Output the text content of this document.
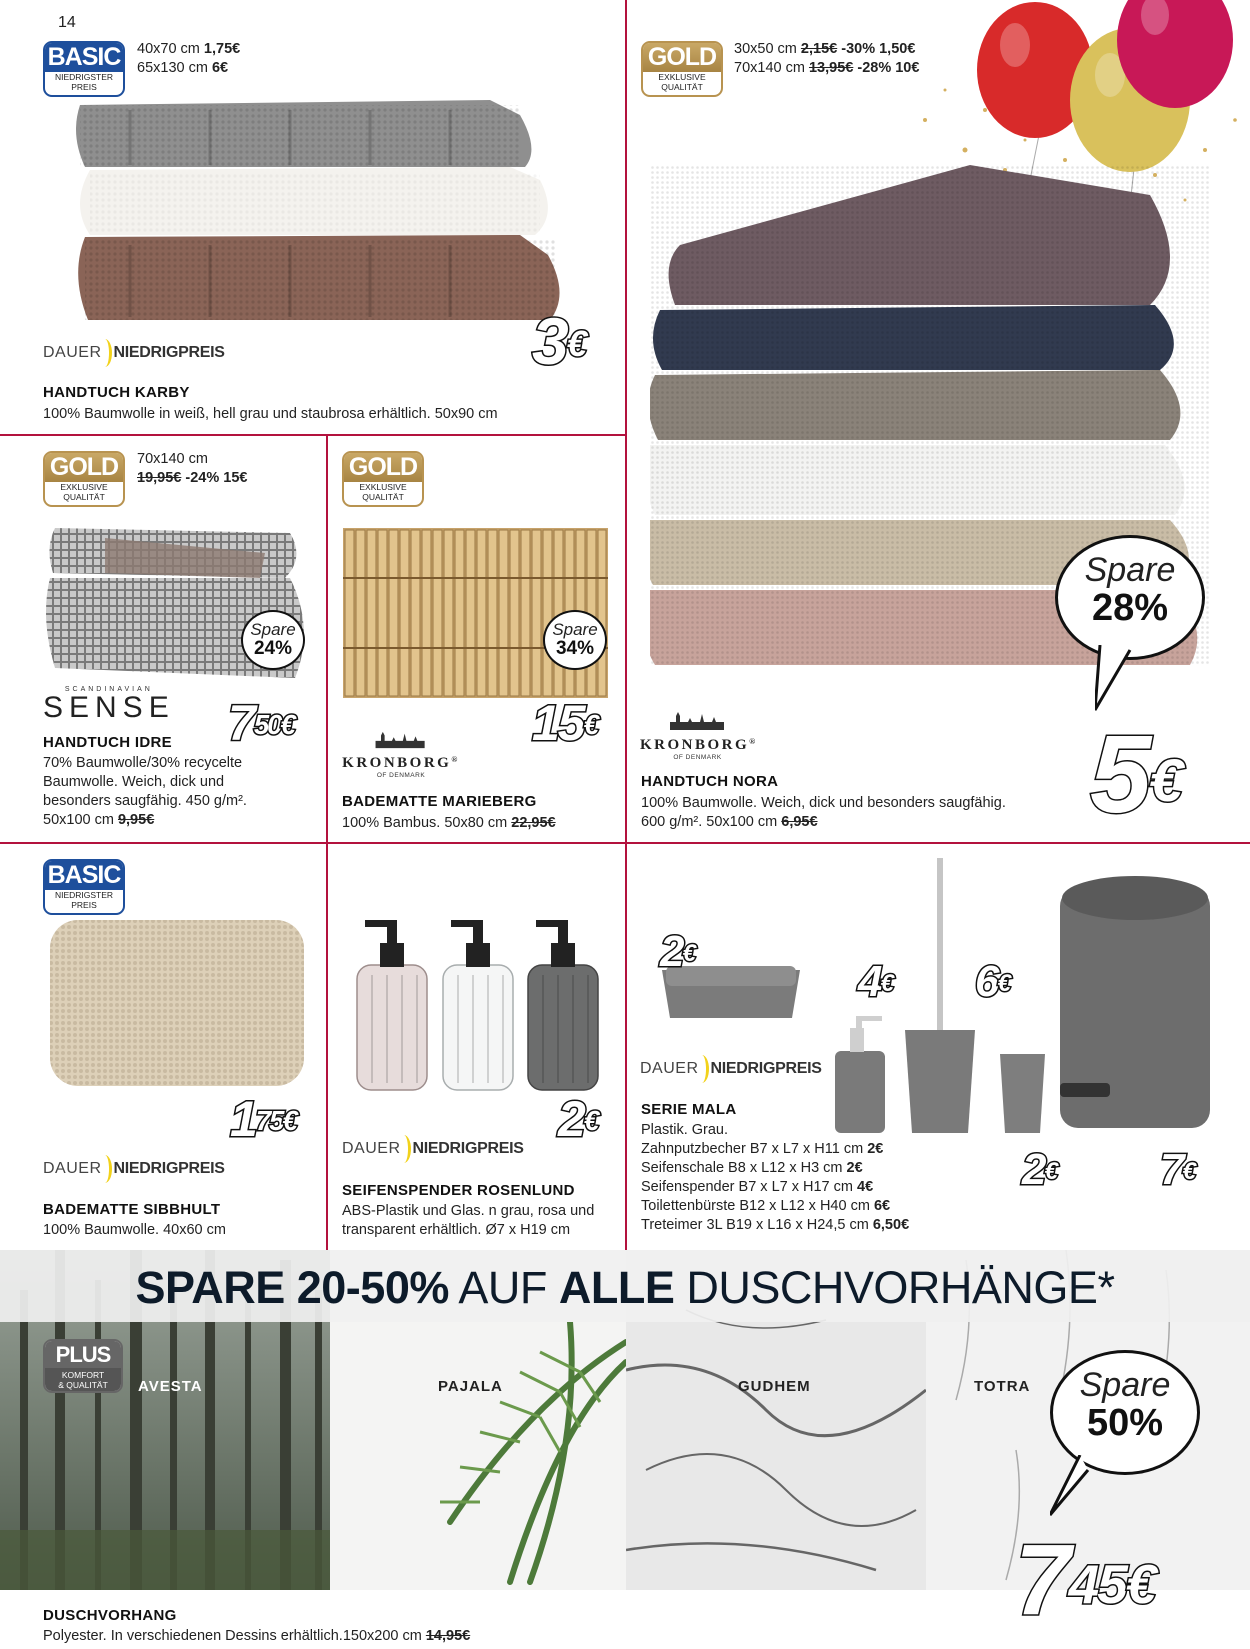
14
BASIC
NIEDRIGSTER
PREIS
40x70 cm 1,75€
65x130 cm 6€
3€
DAUER NIEDRIGPREIS
HANDTUCH KARBY
100% Baumwolle in weiß, hell grau und staubrosa erhältlich. 50x90 cm
GOLD
EXKLUSIVE
QUALITÄT
30x50 cm 2,15€ -30% 1,50€
70x140 cm 13,95€ -28% 10€
Spare
28%
5€
KRONBORG®
OF DENMARK
HANDTUCH NORA
100% Baumwolle. Weich, dick und besonders saugfähig.
600 g/m². 50x100 cm 6,95€
GOLD
EXKLUSIVE
QUALITÄT
70x140 cm
19,95€ -24% 15€
Spare
24%
SCANDINAVIAN
SENSE $7^{50€}$
HANDTUCH IDRE
70% Baumwolle/30% recycelte
Baumwolle. Weich, dick und
besonders saugfähig. 450 g/m².
50x100 cm 9,95€
GOLD
EXKLUSIVE
QUALITÄT
Spare
34%
15€
KRONBORG®
OF DENMARK
BADEMATTE MARIEBERG
100% Bambus. 50x80 cm 22,95€
BASIC
NIEDRIGSTER
PREIS
$1^{75€}$
DAUER NIEDRIGPREIS
BADEMATTE SIBBHULT
100% Baumwolle. 40x60 cm
2€
DAUER NIEDRIGPREIS
SEIFENSPENDER ROSENLUND
ABS-Plastik und Glas. n grau, rosa und
transparent erhältlich. Ø7 x H19 cm
2€
4€ 6€
2€ 7€
DAUER NIEDRIGPREIS
SERIE MALA
Plastik. Grau.
Zahnputzbecher B7 x L7 x H11 cm 2€
Seifenschale B8 x L12 x H3 cm 2€
Seifenspender B7 x L7 x H17 cm 4€
Toilettenbürste B12 x L12 x H40 cm 6€
Treteimer 3L B19 x L16 x H24,5 cm 6,50€
SPARE 20-50% AUF ALLE DUSCHVORHÄNGE*
PLUS
KOMFORT
& QUALITÄT	AVESTA	PAJALA	GUDHEM	TOTRA	Spare
50%
$7^{45€}$
DUSCHVORHANG
Polyester. In verschiedenen Dessins erhältlich.150x200 cm 14,95€
